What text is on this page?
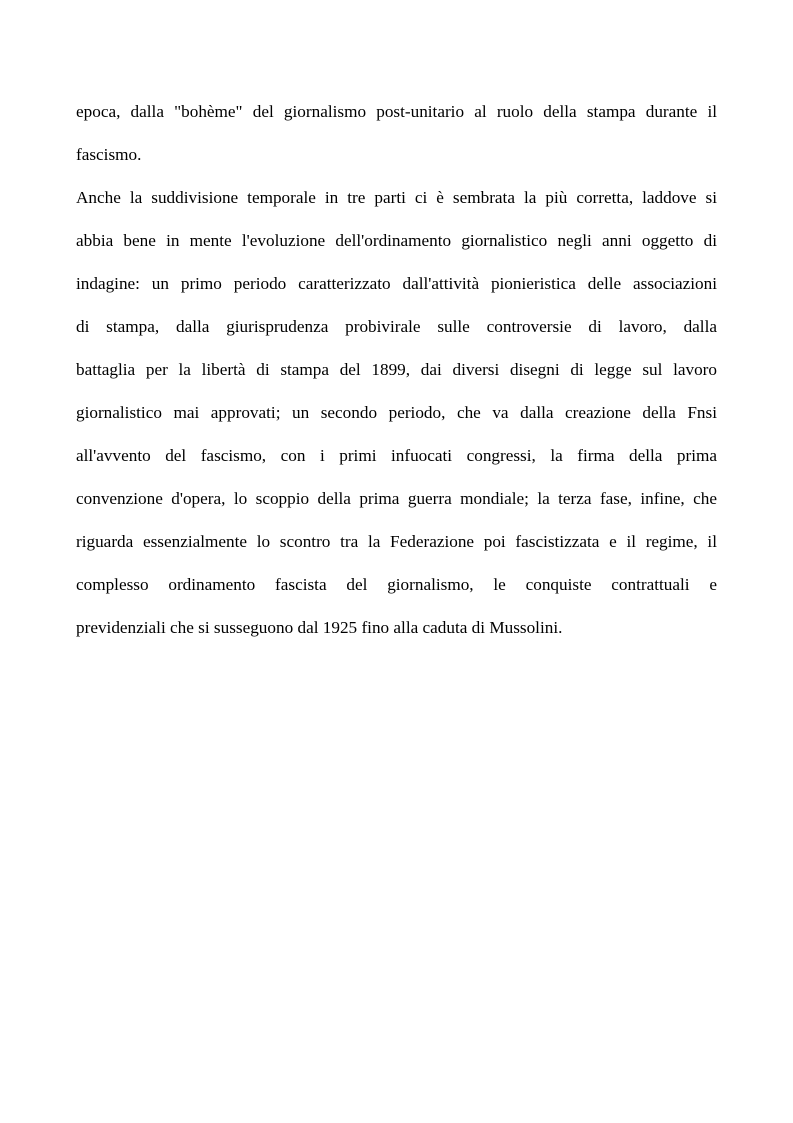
epoca, dalla "bohème" del giornalismo post-unitario al ruolo della stampa durante il
fascismo.
Anche la suddivisione temporale in tre parti ci è sembrata la più corretta, laddove si
abbia bene in mente l'evoluzione dell'ordinamento giornalistico negli anni oggetto di
indagine: un primo periodo caratterizzato dall'attività pionieristica delle associazioni
di stampa, dalla giurisprudenza probivirale sulle controversie di lavoro, dalla
battaglia per la libertà di stampa del 1899, dai diversi disegni di legge sul lavoro
giornalistico mai approvati; un secondo periodo, che va dalla creazione della Fnsi
all'avvento del fascismo, con i primi infuocati congressi, la firma della prima
convenzione d'opera, lo scoppio della prima guerra mondiale; la terza fase, infine, che
riguarda essenzialmente lo scontro tra la Federazione poi fascistizzata e il regime, il
complesso ordinamento fascista del giornalismo, le conquiste contrattuali e
previdenziali che si susseguono dal 1925 fino alla caduta di Mussolini.
